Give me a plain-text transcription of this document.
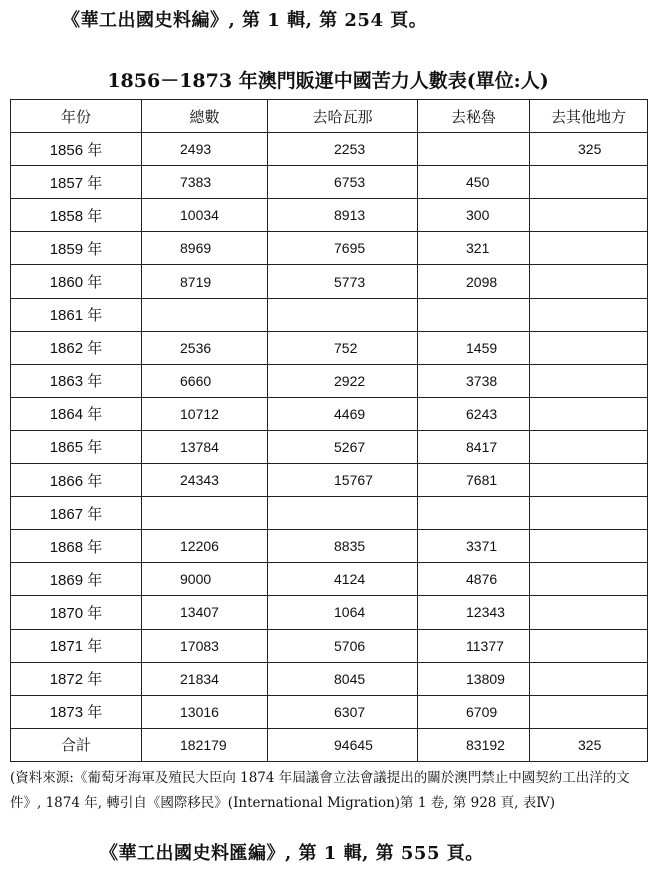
《華工出國史料編》, 第 1 輯, 第 254 頁。
1856－1873 年澳門販運中國苦力人數表(單位:人)
年份	總數	去哈瓦那	去秘魯	去其他地方
1856 年	2493	2253		325
1857 年	7383	6753	450	
1858 年	10034	8913	300	
1859 年	8969	7695	321	
1860 年	8719	5773	2098	
1861 年				
1862 年	2536	752	1459	
1863 年	6660	2922	3738	
1864 年	10712	4469	6243	
1865 年	13784	5267	8417	
1866 年	24343	15767	7681	
1867 年				
1868 年	12206	8835	3371	
1869 年	9000	4124	4876	
1870 年	13407	1064	12343	
1871 年	17083	5706	11377	
1872 年	21834	8045	13809	
1873 年	13016	6307	6709	
合計	182179	94645	83192	325
(資料來源:《葡萄牙海軍及殖民大臣向 1874 年屆議會立法會議提出的關於澳門禁止中國契約工出洋的文件》, 1874 年, 轉引自《國際移民》(International Migration)第 1 卷, 第 928 頁, 表Ⅳ)
《華工出國史料匯編》, 第 1 輯, 第 555 頁。
